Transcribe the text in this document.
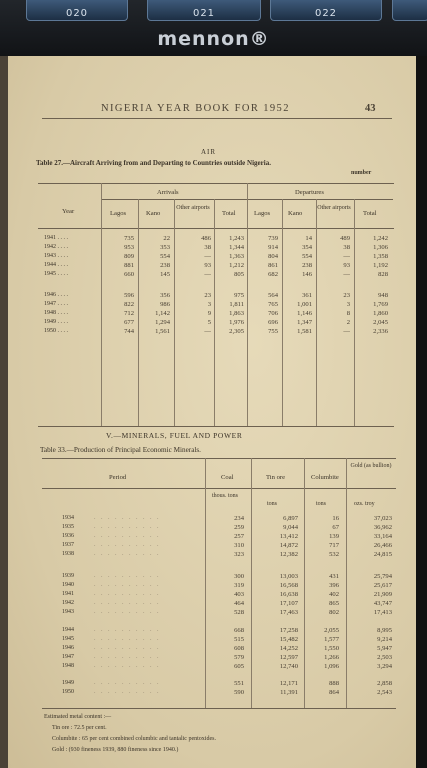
020	021	022
mennon®
NIGERIA YEAR BOOK FOR 1952	43
AIR
Table 27.—Aircraft Arriving from and Departing to Countries outside Nigeria.
number
Year
Arrivals	Departures
Lagos	Kano
Other airports
Total	Lagos	Kano
Other airports
Total
1941 . . . .	735	22	486	1,243	739	14	489	1,242
1942 . . . .	953	353	38	1,344	914	354	38	1,306
1943 . . . .	809	554	—	1,363	804	554	—	1,358
1944 . . . .	881	238	93	1,212	861	238	93	1,192
1945 . . . .	660	145	—	805	682	146	—	828
1946 . . . .	596	356	23	975	564	361	23	948
1947 . . . .	822	986	3	1,811	765	1,001	3	1,769
1948 . . . .	712	1,142	9	1,863	706	1,146	8	1,860
1949 . . . .	677	1,294	5	1,976	696	1,347	2	2,045
1950 . . . .	744	1,561	—	2,305	755	1,581	—	2,336
V.—MINERALS, FUEL AND POWER
Table 33.—Production of Principal Economic Minerals.
Period	Coal	Tin ore	Columbite
Gold (as bullion)
thous. tons
tons	tons	ozs. troy
1934	. . . . . . . . . .	234	6,897	16	37,023
1935	. . . . . . . . . .	259	9,044	67	36,962
1936	. . . . . . . . . .	257	13,412	139	33,164
1937	. . . . . . . . . .	310	14,872	717	26,466
1938	. . . . . . . . . .	323	12,382	532	24,815
1939	. . . . . . . . . .	300	13,003	431	25,794
1940	. . . . . . . . . .	319	16,568	396	25,617
1941	. . . . . . . . . .	403	16,638	402	21,909
1942	. . . . . . . . . .	464	17,107	865	43,747
1943	. . . . . . . . . .	528	17,463	802	17,413
1944	. . . . . . . . . .	668	17,258	2,055	8,995
1945	. . . . . . . . . .	515	15,482	1,577	9,214
1946	. . . . . . . . . .	608	14,252	1,550	5,947
1947	. . . . . . . . . .	579	12,597	1,266	2,503
1948	. . . . . . . . . .	605	12,740	1,096	3,294
1949	. . . . . . . . . .	551	12,171	888	2,858
1950	. . . . . . . . . .	590	11,391	864	2,543
Estimated metal content :—
Tin ore : 72.5 per cent.
Columbite : 65 per cent combined columbic and tantalic pentoxides.
Gold : (930 fineness 1939, 880 fineness since 1940.)
